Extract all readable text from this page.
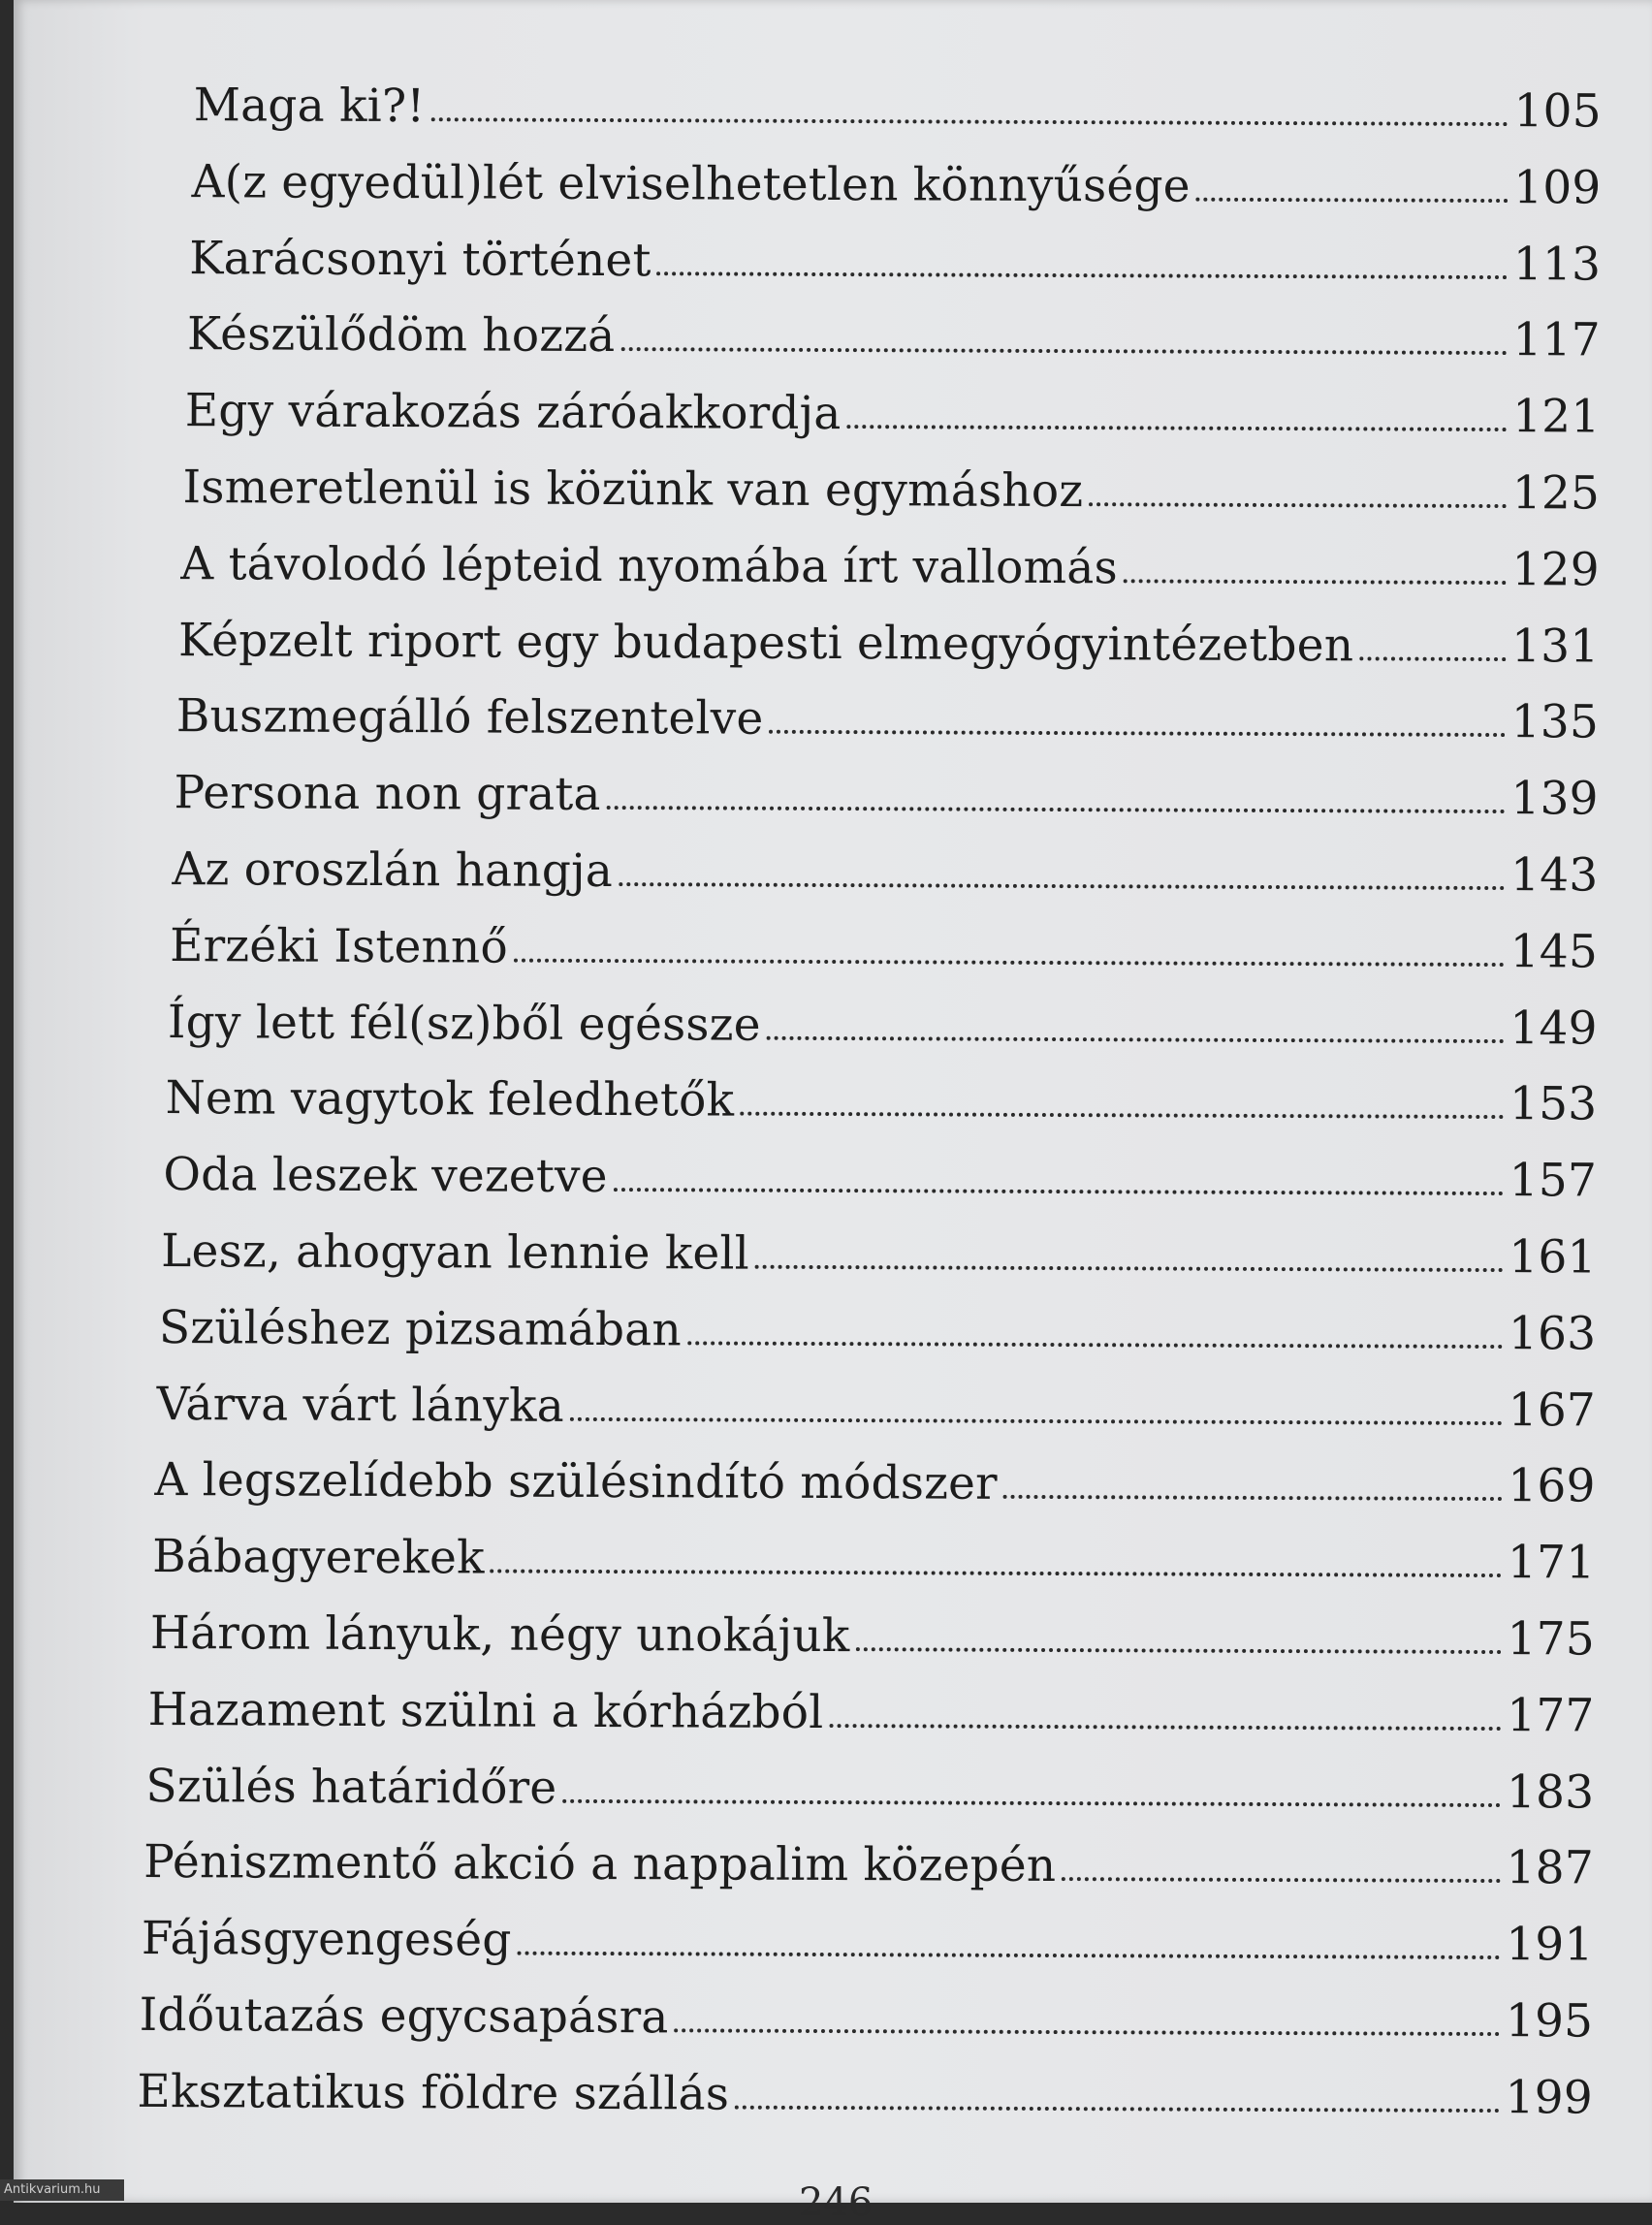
Maga ki?!	105
A(z egyedül)lét elviselhetetlen könnyűsége	109
Karácsonyi történet	113
Készülődöm hozzá	117
Egy várakozás záróakkordja	121
Ismeretlenül is közünk van egymáshoz	125
A távolodó lépteid nyomába írt vallomás	129
Képzelt riport egy budapesti elmegyógyintézetben	131
Buszmegálló felszentelve	135
Persona non grata	139
Az oroszlán hangja	143
Érzéki Istennő	145
Így lett fél(sz)ből egéssze	149
Nem vagytok feledhetők	153
Oda leszek vezetve	157
Lesz, ahogyan lennie kell	161
Szüléshez pizsamában	163
Várva várt lányka	167
A legszelídebb szülésindító módszer	169
Bábagyerekek	171
Három lányuk, négy unokájuk	175
Hazament szülni a kórházból	177
Szülés határidőre	183
Péniszmentő akció a nappalim közepén	187
Fájásgyengeség	191
Időutazás egycsapásra	195
Eksztatikus földre szállás	199
246
Antikvarium.hu
